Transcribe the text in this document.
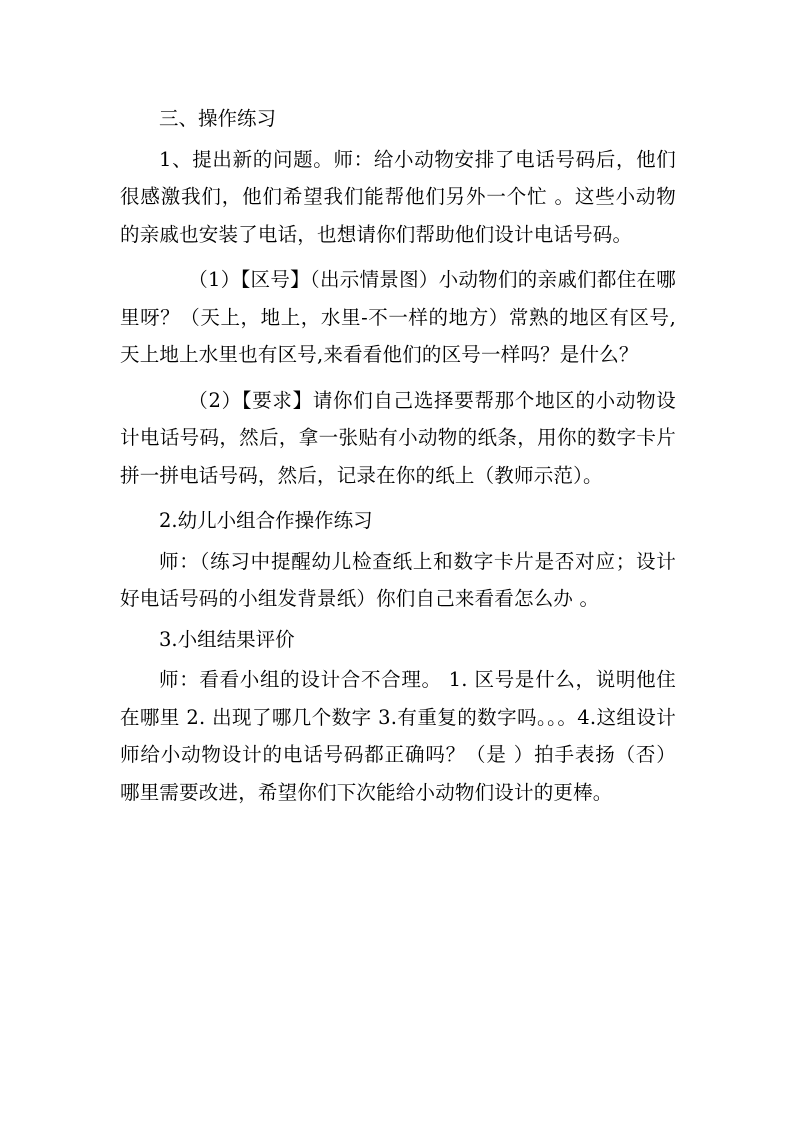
三、操作练习

1、提出新的问题。师：给小动物安排了电话号码后，他们很感激我们，他们希望我们能帮他们另外一个忙 。这些小动物的亲戚也安装了电话，也想请你们帮助他们设计电话号码。

（1）【区号】（出示情景图）小动物们的亲戚们都住在哪里呀？（天上，地上，水里-不一样的地方）常熟的地区有区号,天上地上水里也有区号,来看看他们的区号一样吗？是什么？

（2）【要求】请你们自己选择要帮那个地区的小动物设计电话号码，然后，拿一张贴有小动物的纸条，用你的数字卡片拼一拼电话号码，然后，记录在你的纸上（教师示范）。

2.幼儿小组合作操作练习

师：（练习中提醒幼儿检查纸上和数字卡片是否对应；设计好电话号码的小组发背景纸）你们自己来看看怎么办 。

3.小组结果评价

师：看看小组的设计合不合理。 1. 区号是什么，说明他住在哪里 2. 出现了哪几个数字 3.有重复的数字吗。。。4.这组设计师给小动物设计的电话号码都正确吗？（是 ）拍手表扬（否）哪里需要改进，希望你们下次能给小动物们设计的更棒。
